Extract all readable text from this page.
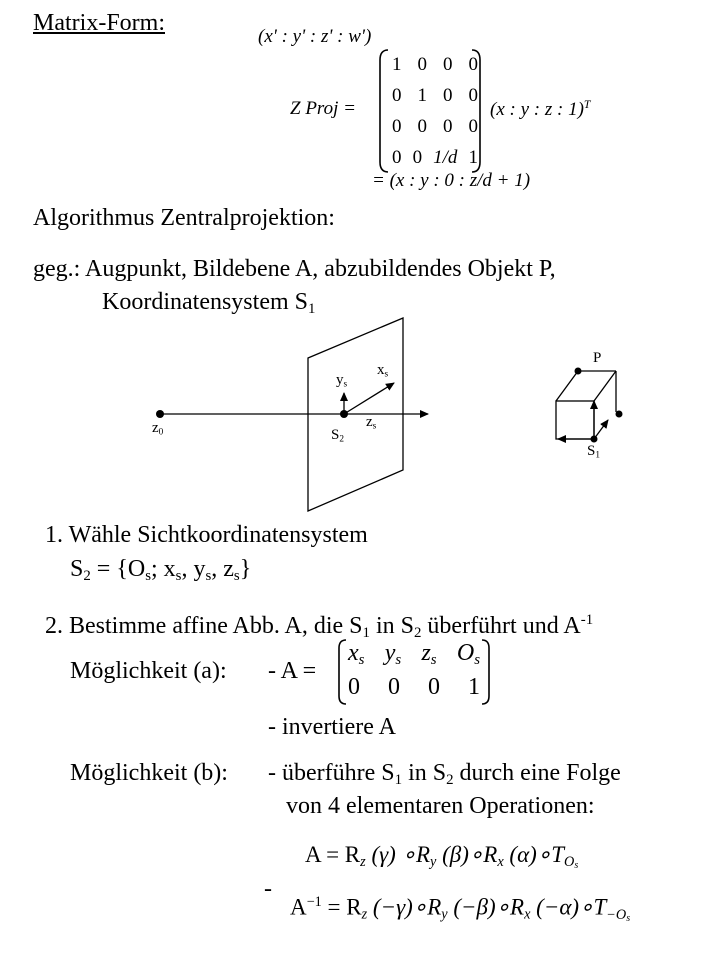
Matrix-Form:
(x' : y' : z' : w')
Z Proj =
1 0 0 0
0 1 0 0
0 0 0 0
0 0 1/d 1
(x : y : z : 1)$^T$
= (x : y : 0 : z/d + 1)
Algorithmus Zentralprojektion:
geg.: Augpunkt, Bildebene A, abzubildendes Objekt P,
Koordinatensystem $S_1$
$z_0$	$S_2$
$x_s$
$y_s$
$z_s$
P
$S_1$
1. Wähle Sichtkoordinatensystem
$S_2 = \{O_s$; $x_s$, $y_s$, $z_s$}
2. Bestimme affine Abb. A, die $S_1$ in $S_2$ überführt und $A^{-1}$
Möglichkeit (a): - A =
$x_s$ $y_s$ $z_s$ $O_s$
0 0 0 1
- invertiere A
Möglichkeit (b): - überführe $S_1$ in $S_2$ durch eine Folge
von 4 elementaren Operationen:
-
$A = R_z$ (γ) $\circ R_y$ $(\beta)\circ R_x$ $(\alpha)\circ T_{Os}$
$A^{-1} = R_z$ $(-\gamma)\circ R_y$ $(-\beta)\circ R_x$ $(-\alpha)\circ T_{-Os}$
